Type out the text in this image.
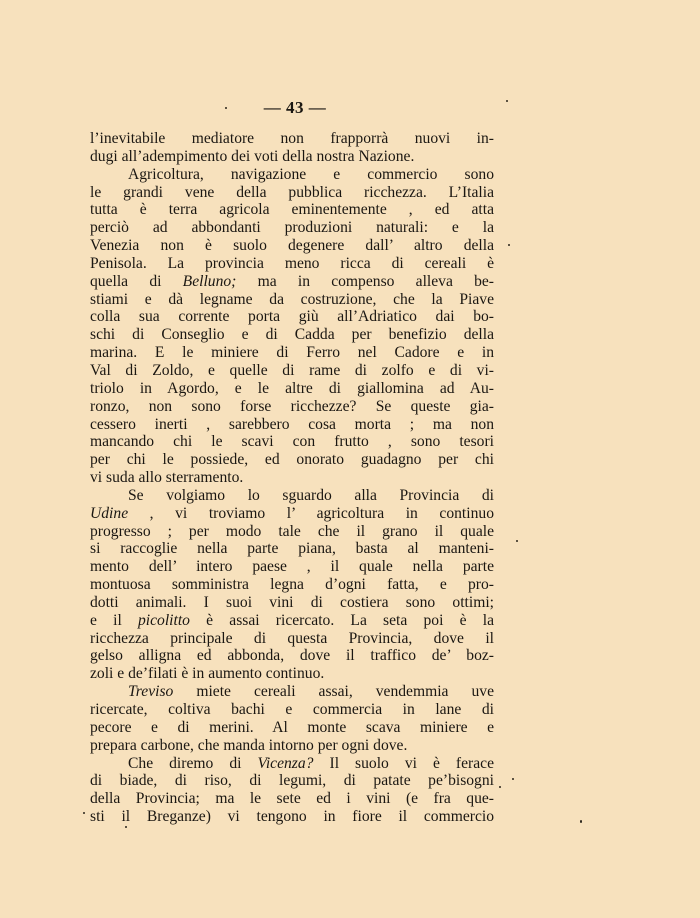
— 43 —
l’inevitabile mediatore non frapporrà nuovi in-
dugi all’adempimento dei voti della nostra Nazione.
Agricoltura, navigazione e commercio sono
le grandi vene della pubblica ricchezza. L’Italia
tutta è terra agricola eminentemente , ed atta
perciò ad abbondanti produzioni naturali: e la
Venezia non è suolo degenere dall’ altro della
Penisola. La provincia meno ricca di cereali è
quella di Belluno; ma in compenso alleva be-
stiami e dà legname da costruzione, che la Piave
colla sua corrente porta giù all’Adriatico dai bo-
schi di Conseglio e di Cadda per benefizio della
marina. E le miniere di Ferro nel Cadore e in
Val di Zoldo, e quelle di rame di zolfo e di vi-
triolo in Agordo, e le altre di giallomina ad Au-
ronzo, non sono forse ricchezze? Se queste gia-
cessero inerti , sarebbero cosa morta ; ma non
mancando chi le scavi con frutto , sono tesori
per chi le possiede, ed onorato guadagno per chi
vi suda allo sterramento.
Se volgiamo lo sguardo alla Provincia di
Udine , vi troviamo l’ agricoltura in continuo
progresso ; per modo tale che il grano il quale
si raccoglie nella parte piana, basta al manteni-
mento dell’ intero paese , il quale nella parte
montuosa somministra legna d’ogni fatta, e pro-
dotti animali. I suoi vini di costiera sono ottimi;
e il picolitto è assai ricercato. La seta poi è la
ricchezza principale di questa Provincia, dove il
gelso alligna ed abbonda, dove il traffico de’ boz-
zoli e de’filati è in aumento continuo.
Treviso miete cereali assai, vendemmia uve
ricercate, coltiva bachi e commercia in lane di
pecore e di merini. Al monte scava miniere e
prepara carbone, che manda intorno per ogni dove.
Che diremo di Vicenza? Il suolo vi è ferace
di biade, di riso, di legumi, di patate pe’bisogni
della Provincia; ma le sete ed i vini (e fra que-
sti il Breganze) vi tengono in fiore il commercio
